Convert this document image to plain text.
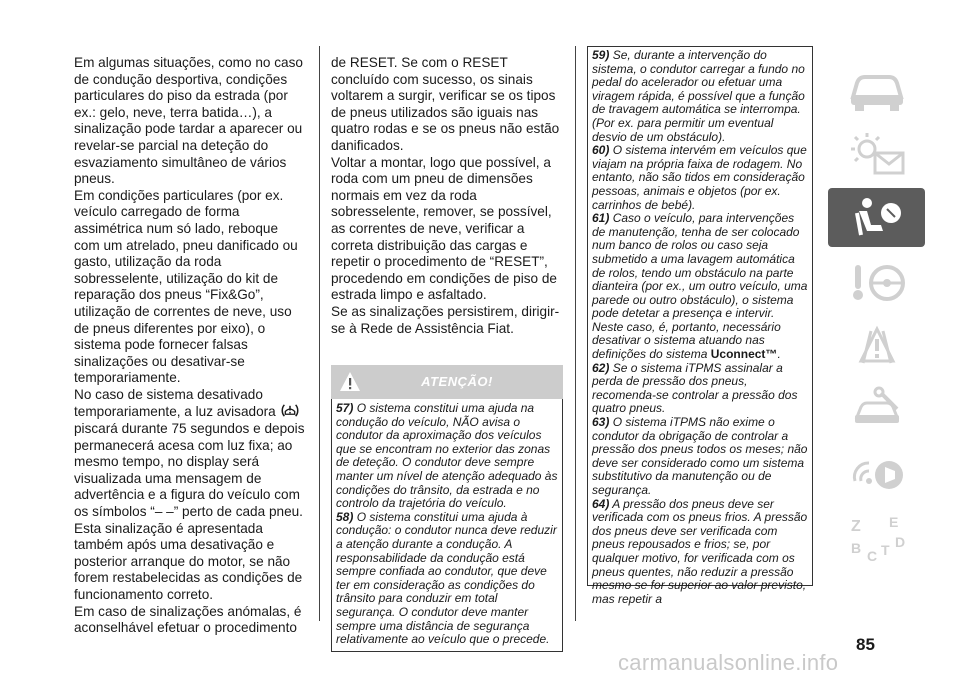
Em algumas situações, como no caso de condução desportiva, condições particulares do piso da estrada (por ex.: gelo, neve, terra batida…), a sinalização pode tardar a aparecer ou revelar-se parcial na deteção do esvaziamento simultâneo de vários pneus.

Em condições particulares (por ex. veículo carregado de forma assimétrica num só lado, reboque com um atrelado, pneu danificado ou gasto, utilização da roda sobresselente, utilização do kit de reparação dos pneus “Fix&Go”, utilização de correntes de neve, uso de pneus diferentes por eixo), o sistema pode fornecer falsas sinalizações ou desativar-se temporariamente.

No caso de sistema desativado temporariamente, a luz avisadora piscará durante 75 segundos e depois permanecerá acesa com luz fixa; ao mesmo tempo, no display será visualizada uma mensagem de advertência e a figura do veículo com os símbolos “– –” perto de cada pneu.

Esta sinalização é apresentada também após uma desativação e posterior arranque do motor, se não forem restabelecidas as condições de funcionamento correto.

Em caso de sinalizações anómalas, é aconselhável efetuar o procedimento

de RESET. Se com o RESET concluído com sucesso, os sinais voltarem a surgir, verificar se os tipos de pneus utilizados são iguais nas quatro rodas e se os pneus não estão danificados.

Voltar a montar, logo que possível, a roda com um pneu de dimensões normais em vez da roda sobresselente, remover, se possível, as correntes de neve, verificar a correta distribuição das cargas e repetir o procedimento de “RESET”, procedendo em condições de piso de estrada limpo e asfaltado.

Se as sinalizações persistirem, dirigir-se à Rede de Assistência Fiat.

ATENÇÃO!

57) O sistema constitui uma ajuda na condução do veículo, NÃO avisa o condutor da aproximação dos veículos que se encontram no exterior das zonas de deteção. O condutor deve sempre manter um nível de atenção adequado às condições do trânsito, da estrada e no controlo da trajetória do veículo.

58) O sistema constitui uma ajuda à condução: o condutor nunca deve reduzir a atenção durante a condução. A responsabilidade da condução está sempre confiada ao condutor, que deve ter em consideração as condições do trânsito para conduzir em total segurança. O condutor deve manter sempre uma distância de segurança relativamente ao veículo que o precede.

59) Se, durante a intervenção do sistema, o condutor carregar a fundo no pedal do acelerador ou efetuar uma viragem rápida, é possível que a função de travagem automática se interrompa. (Por ex. para permitir um eventual desvio de um obstáculo).

60) O sistema intervém em veículos que viajam na própria faixa de rodagem. No entanto, não são tidos em consideração pessoas, animais e objetos (por ex. carrinhos de bebé).

61) Caso o veículo, para intervenções de manutenção, tenha de ser colocado num banco de rolos ou caso seja submetido a uma lavagem automática de rolos, tendo um obstáculo na parte dianteira (por ex., um outro veículo, uma parede ou outro obstáculo), o sistema pode detetar a presença e intervir. Neste caso, é, portanto, necessário desativar o sistema atuando nas definições do sistema Uconnect™.

62) Se o sistema iTPMS assinalar a perda de pressão dos pneus, recomenda-se controlar a pressão dos quatro pneus.

63) O sistema iTPMS não exime o condutor da obrigação de controlar a pressão dos pneus todos os meses; não deve ser considerado como um sistema substitutivo da manutenção ou de segurança.

64) A pressão dos pneus deve ser verificada com os pneus frios. A pressão dos pneus deve ser verificada com pneus repousados e frios; se, por qualquer motivo, for verificada com os pneus quentes, não reduzir a pressão mesmo se for superior ao valor previsto, mas repetir a

Z E
B C T D
85
carmanualsonline.info
